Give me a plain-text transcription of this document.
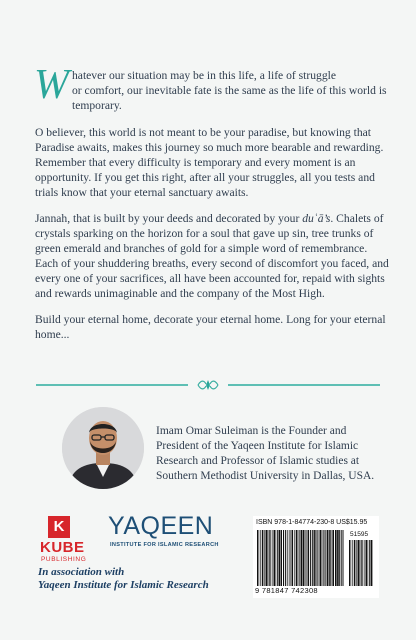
W hatever our situation may be in this life, a life of struggle
or comfort, our inevitable fate is the same as the life of this world is temporary.

O believer, this world is not meant to be your paradise, but knowing that Paradise awaits, makes this journey so much more bearable and rewarding. Remember that every difficulty is temporary and every moment is an opportunity. If you get this right, after all your struggles, all you tests and trials know that your eternal sanctuary awaits.

Jannah, that is built by your deeds and decorated by your duʿā’s. Chalets of crystals sparking on the horizon for a soul that gave up sin, tree trunks of green emerald and branches of gold for a simple word of remembrance. Each of your shuddering breaths, every second of discomfort you faced, and every one of your sacrifices, all have been accounted for, repaid with sights and rewards unimaginable and the company of the Most High.

Build your eternal home, decorate your eternal home. Long for your eternal home...

Imam Omar Suleiman is the Founder and President of the Yaqeen Institute for Islamic Research and Professor of Islamic studies at Southern Methodist University in Dallas, USA.
K
KUBE
PUBLISHING
YAQEEN
INSTITUTE FOR ISLAMIC RESEARCH
In association with
Yaqeen Institute for Islamic Research
ISBN 978-1-84774-230-8 US$15.95
51595
9 781847 742308
